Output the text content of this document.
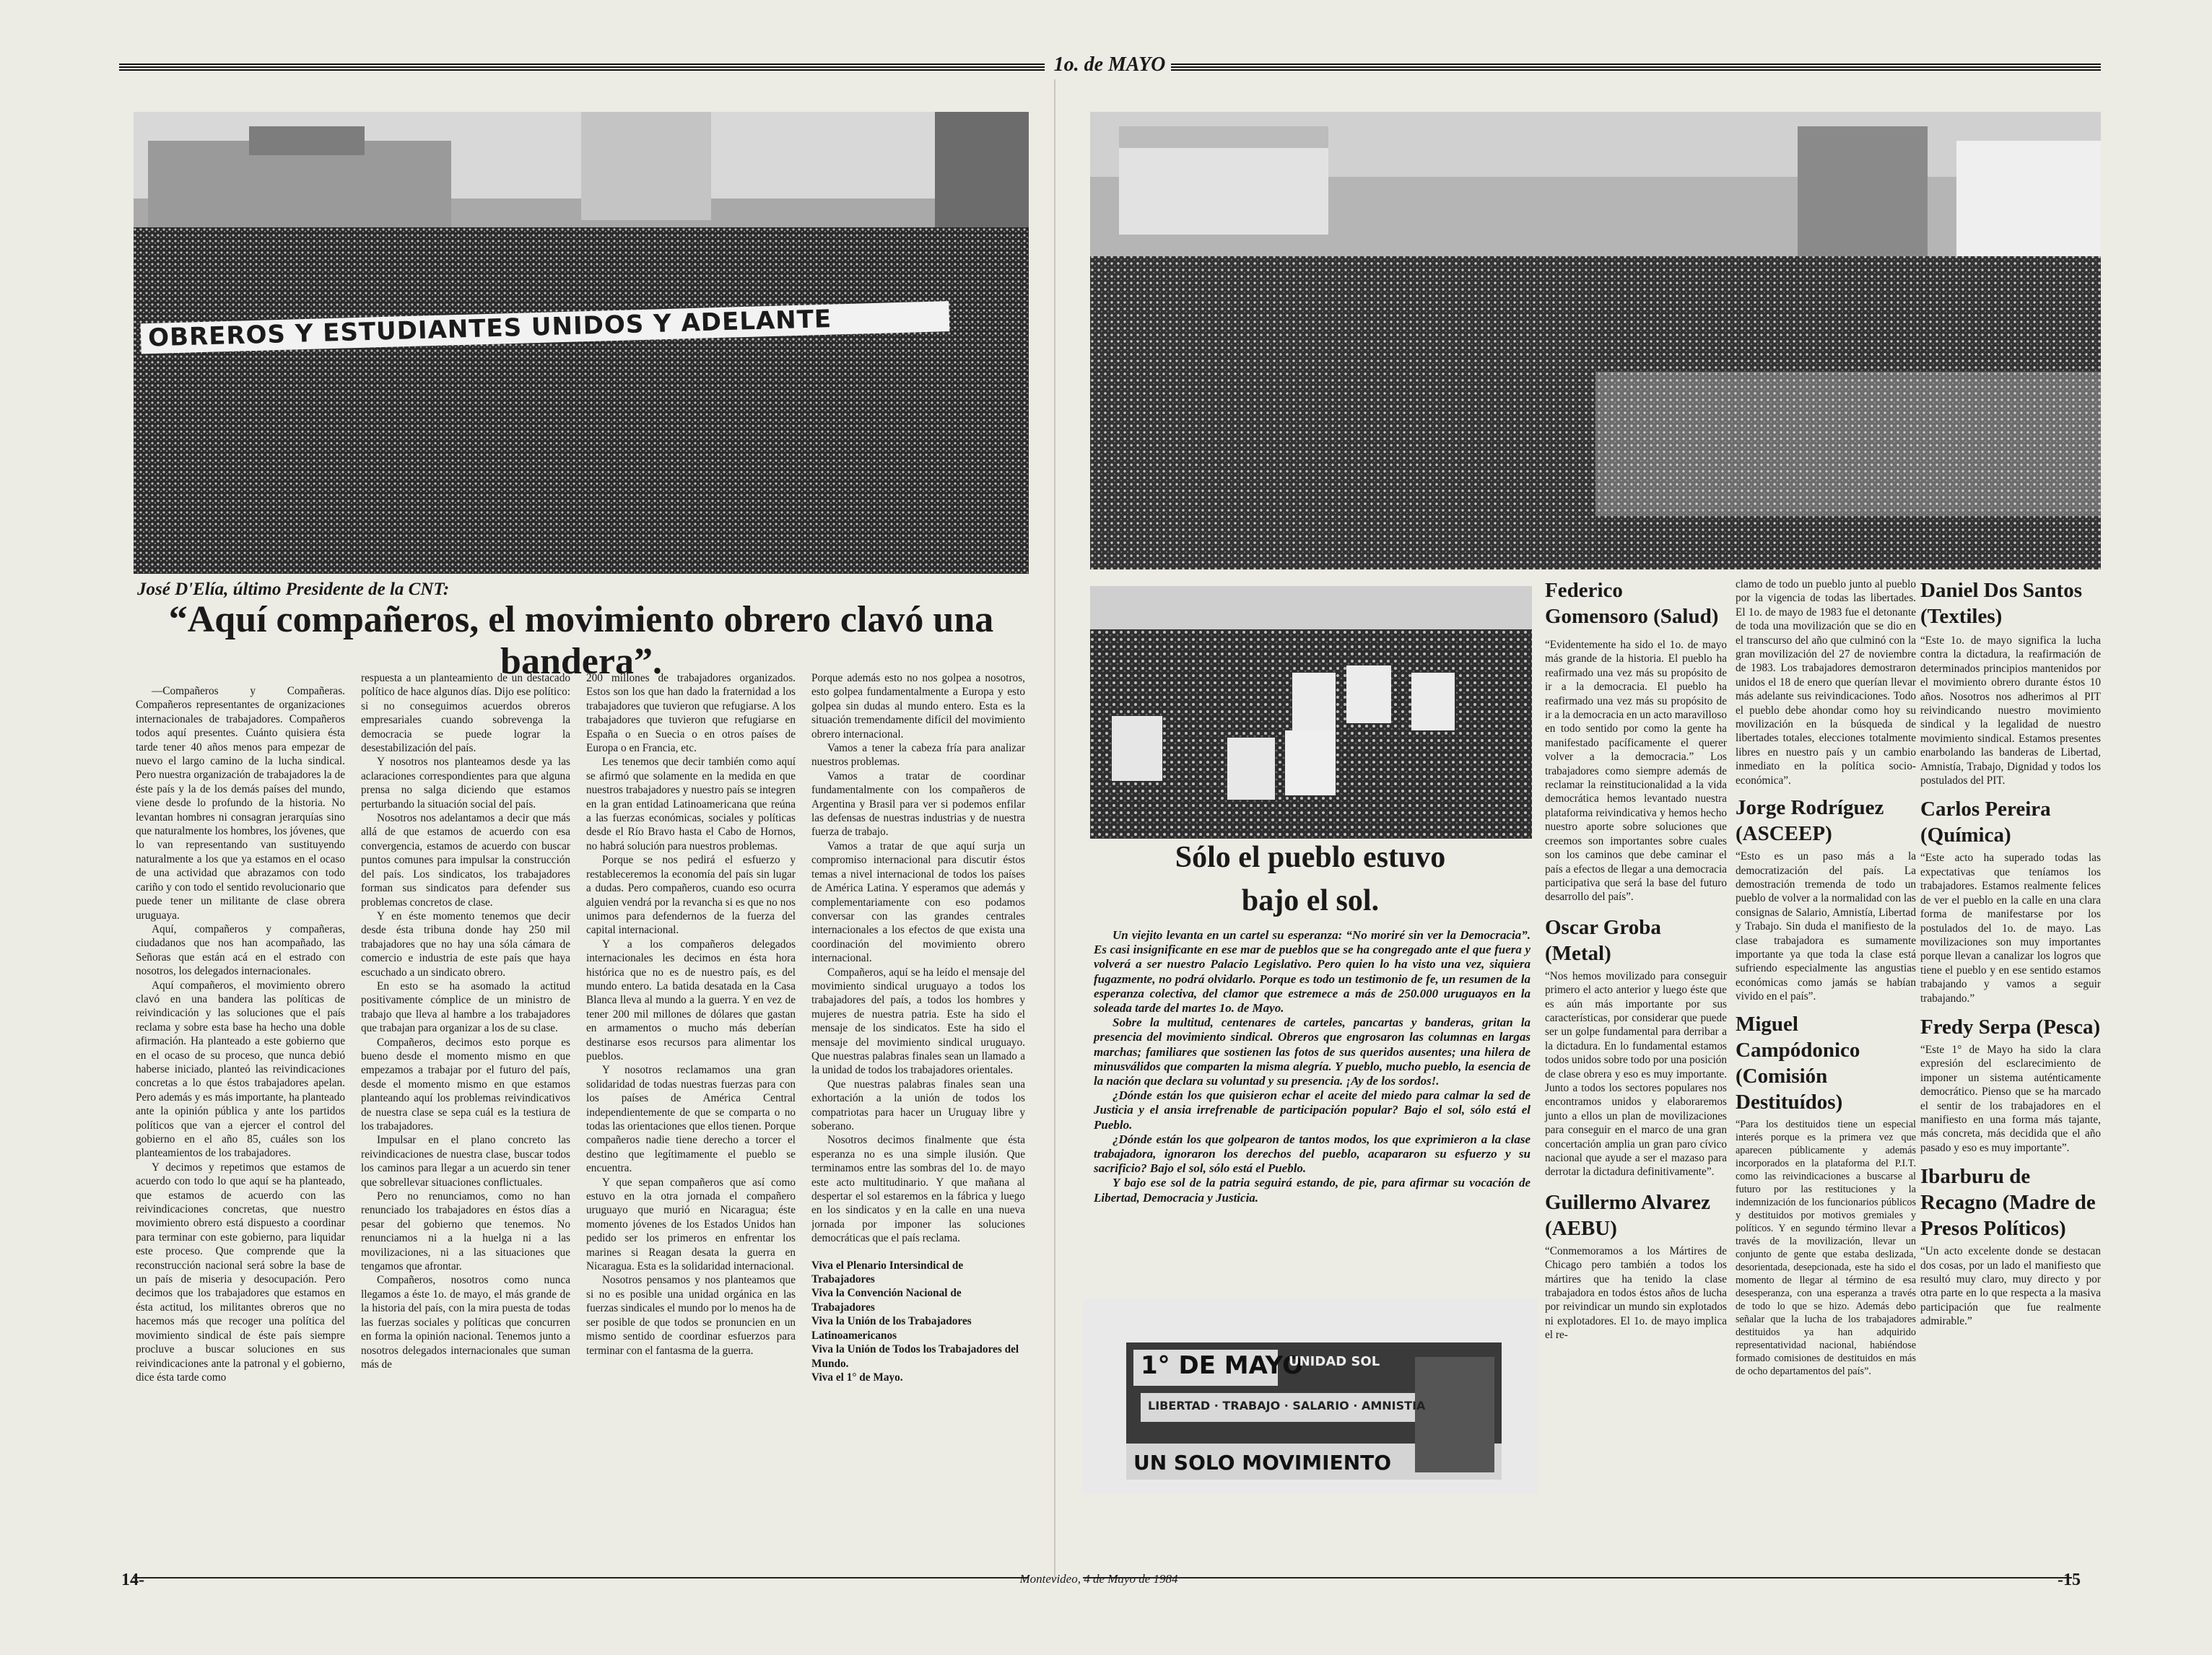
1o. de MAYO
OBREROS Y ESTUDIANTES UNIDOS Y ADELANTE
José D'Elía, último Presidente de la CNT:
“Aquí compañeros, el movimiento obrero clavó una bandera”.

—Compañeros y Compañeras. Compañeros representantes de organizaciones internacionales de trabajadores. Compañeros todos aquí presentes. Cuánto quisiera ésta tarde tener 40 años menos para empezar de nuevo el largo camino de la lucha sindical. Pero nuestra organización de trabajadores la de éste país y la de los demás países del mundo, viene desde lo profundo de la historia. No levantan hombres ni consagran jerarquías sino que naturalmente los hombres, los jóvenes, que lo van representando van sustituyendo naturalmente a los que ya estamos en el ocaso de una actividad que abrazamos con todo cariño y con todo el sentido revolucionario que puede tener un militante de clase obrera uruguaya.

Aquí, compañeros y compañeras, ciudadanos que nos han acompañado, las Señoras que están acá en el estrado con nosotros, los delegados internacionales.

Aquí compañeros, el movimiento obrero clavó en una bandera las políticas de reivindicación y las soluciones que el país reclama y sobre esta base ha hecho una doble afirmación. Ha planteado a este gobierno que en el ocaso de su proceso, que nunca debió haberse iniciado, planteó las reivindicaciones concretas a lo que éstos trabajadores apelan. Pero además y es más importante, ha planteado ante la opinión pública y ante los partidos políticos que van a ejercer el control del gobierno en el año 85, cuáles son los planteamientos de los trabajadores.

Y decimos y repetimos que estamos de acuerdo con todo lo que aquí se ha planteado, que estamos de acuerdo con las reivindicaciones concretas, que nuestro movimiento obrero está dispuesto a coordinar para terminar con este gobierno, para liquidar este proceso. Que comprende que la reconstrucción nacional será sobre la base de un país de miseria y desocupación. Pero decimos que los trabajadores que estamos en ésta actitud, los militantes obreros que no hacemos más que recoger una política del movimiento sindical de éste país siempre procluve a buscar soluciones en sus reivindicaciones ante la patronal y el gobierno, dice ésta tarde como

respuesta a un planteamiento de un destacado político de hace algunos días. Dijo ese político: si no conseguimos acuerdos obreros empresariales cuando sobrevenga la democracia se puede lograr la desestabilización del país.

Y nosotros nos planteamos desde ya las aclaraciones correspondientes para que alguna prensa no salga diciendo que estamos perturbando la situación social del país.

Nosotros nos adelantamos a decir que más allá de que estamos de acuerdo con esa convergencia, estamos de acuerdo con buscar puntos comunes para impulsar la construcción del país. Los sindicatos, los trabajadores forman sus sindicatos para defender sus problemas concretos de clase.

Y en éste momento tenemos que decir desde ésta tribuna donde hay 250 mil trabajadores que no hay una sóla cámara de comercio e industria de este país que haya escuchado a un sindicato obrero.

En esto se ha asomado la actitud positivamente cómplice de un ministro de trabajo que lleva al hambre a los trabajadores que trabajan para organizar a los de su clase.

Compañeros, decimos esto porque es bueno desde el momento mismo en que empezamos a trabajar por el futuro del país, desde el momento mismo en que estamos planteando aquí los problemas reivindicativos de nuestra clase se sepa cuál es la testiura de los trabajadores.

Impulsar en el plano concreto las reivindicaciones de nuestra clase, buscar todos los caminos para llegar a un acuerdo sin tener que sobrellevar situaciones conflictuales.

Pero no renunciamos, como no han renunciado los trabajadores en éstos días a pesar del gobierno que tenemos. No renunciamos ni a la huelga ni a las movilizaciones, ni a las situaciones que tengamos que afrontar.

Compañeros, nosotros como nunca llegamos a éste 1o. de mayo, el más grande de la historia del país, con la mira puesta de todas las fuerzas sociales y políticas que concurren en forma la opinión nacional. Tenemos junto a nosotros delegados internacionales que suman más de

200 millones de trabajadores organizados. Estos son los que han dado la fraternidad a los trabajadores que tuvieron que refugiarse. A los trabajadores que tuvieron que refugiarse en España o en Suecia o en otros países de Europa o en Francia, etc.

Les tenemos que decir también como aquí se afirmó que solamente en la medida en que nuestros trabajadores y nuestro país se integren en la gran entidad Latinoamericana que reúna a las fuerzas económicas, sociales y políticas desde el Río Bravo hasta el Cabo de Hornos, no habrá solución para nuestros problemas.

Porque se nos pedirá el esfuerzo y restableceremos la economía del país sin lugar a dudas. Pero compañeros, cuando eso ocurra alguien vendrá por la revancha si es que no nos unimos para defendernos de la fuerza del capital internacional.

Y a los compañeros delegados internacionales les decimos en ésta hora histórica que no es de nuestro país, es del mundo entero. La batida desatada en la Casa Blanca lleva al mundo a la guerra. Y en vez de tener 200 mil millones de dólares que gastan en armamentos o mucho más deberían destinarse esos recursos para alimentar los pueblos.

Y nosotros reclamamos una gran solidaridad de todas nuestras fuerzas para con los países de América Central independientemente de que se comparta o no todas las orientaciones que ellos tienen. Porque compañeros nadie tiene derecho a torcer el destino que legítimamente el pueblo se encuentra.

Y que sepan compañeros que así como estuvo en la otra jornada el compañero uruguayo que murió en Nicaragua; éste momento jóvenes de los Estados Unidos han pedido ser los primeros en enfrentar los marines si Reagan desata la guerra en Nicaragua. Esta es la solidaridad internacional.

Nosotros pensamos y nos planteamos que si no es posible una unidad orgánica en las fuerzas sindicales el mundo por lo menos ha de ser posible de que todos se pronuncien en un mismo sentido de coordinar esfuerzos para terminar con el fantasma de la guerra.

Porque además esto no nos golpea a nosotros, esto golpea fundamentalmente a Europa y esto golpea sin dudas al mundo entero. Esta es la situación tremendamente difícil del movimiento obrero internacional.

Vamos a tener la cabeza fría para analizar nuestros problemas.

Vamos a tratar de coordinar fundamentalmente con los compañeros de Argentina y Brasil para ver si podemos enfilar las defensas de nuestras industrias y de nuestra fuerza de trabajo.

Vamos a tratar de que aquí surja un compromiso internacional para discutir éstos temas a nivel internacional de todos los países de América Latina. Y esperamos que además y complementariamente con eso podamos conversar con las grandes centrales internacionales a los efectos de que exista una coordinación del movimiento obrero internacional.

Compañeros, aquí se ha leído el mensaje del movimiento sindical uruguayo a todos los trabajadores del país, a todos los hombres y mujeres de nuestra patria. Este ha sido el mensaje de los sindicatos. Este ha sido el mensaje del movimiento sindical uruguayo. Que nuestras palabras finales sean un llamado a la unidad de todos los trabajadores orientales.

Que nuestras palabras finales sean una exhortación a la unión de todos los compatriotas para hacer un Uruguay libre y soberano.

Nosotros decimos finalmente que ésta esperanza no es una simple ilusión. Que terminamos entre las sombras del 1o. de mayo este acto multitudinario. Y que mañana al despertar el sol estaremos en la fábrica y luego en los sindicatos y en la calle en una nueva jornada por imponer las soluciones democráticas que el país reclama.

Viva el Plenario Intersindical de Trabajadores
Viva la Convención Nacional de Trabajadores
Viva la Unión de los Trabajadores Latinoamericanos
Viva la Unión de Todos los Trabajadores del Mundo.
Viva el 1° de Mayo.
Sólo el pueblo estuvo bajo el sol.

Un viejito levanta en un cartel su esperanza: “No moriré sin ver la Democracia”. Es casi insignificante en ese mar de pueblos que se ha congregado ante el que fuera y volverá a ser nuestro Palacio Legislativo. Pero quien lo ha visto una vez, siquiera fugazmente, no podrá olvidarlo. Porque es todo un testimonio de fe, un resumen de la esperanza colectiva, del clamor que estremece a más de 250.000 uruguayos en la soleada tarde del martes 1o. de Mayo.

Sobre la multitud, centenares de carteles, pancartas y banderas, gritan la presencia del movimiento sindical. Obreros que engrosaron las columnas en largas marchas; familiares que sostienen las fotos de sus queridos ausentes; una hilera de minusválidos que comparten la misma alegría. Y pueblo, mucho pueblo, la esencia de la nación que declara su voluntad y su presencia. ¡Ay de los sordos!.

¿Dónde están los que quisieron echar el aceite del miedo para calmar la sed de Justicia y el ansia irrefrenable de participación popular? Bajo el sol, sólo está el Pueblo.

¿Dónde están los que golpearon de tantos modos, los que exprimieron a la clase trabajadora, ignoraron los derechos del pueblo, acapararon su esfuerzo y su sacrificio? Bajo el sol, sólo está el Pueblo.

Y bajo ese sol de la patria seguirá estando, de pie, para afirmar su vocación de Libertad, Democracia y Justicia.

1° DE MAYO
UNIDAD SOL
LIBERTAD · TRABAJO · SALARIO · AMNISTIA
UN SOLO MOVIMIENTO
Federico Gomensoro (Salud)
“Evidentemente ha sido el 1o. de mayo más grande de la historia. El pueblo ha reafirmado una vez más su propósito de ir a la democracia. El pueblo ha reafirmado una vez más su propósito de ir a la democracia en un acto maravilloso en todo sentido por como la gente ha manifestado pacíficamente el querer volver a la democracia.” Los trabajadores como siempre además de reclamar la reinstitucionalidad a la vida democrática hemos levantado nuestra plataforma reivindicativa y hemos hecho nuestro aporte sobre soluciones que creemos son importantes sobre cuales son los caminos que debe caminar el país a efectos de llegar a una democracia participativa que será la base del futuro desarrollo del país”.
Oscar Groba (Metal)
“Nos hemos movilizado para conseguir primero el acto anterior y luego éste que es aún más importante por sus características, por considerar que puede ser un golpe fundamental para derribar a la dictadura. En lo fundamental estamos todos unidos sobre todo por una posición de clase obrera y eso es muy importante. Junto a todos los sectores populares nos encontramos unidos y elaboraremos junto a ellos un plan de movilizaciones para conseguir en el marco de una gran concertación amplia un gran paro cívico nacional que ayude a ser el mazaso para derrotar la dictadura definitivamente”.
Guillermo Alvarez (AEBU)
“Conmemoramos a los Mártires de Chicago pero también a todos los mártires que ha tenido la clase trabajadora en todos éstos años de lucha por reivindicar un mundo sin explotados ni explotadores. El 1o. de mayo implica el re-
clamo de todo un pueblo junto al pueblo por la vigencia de todas las libertades. El 1o. de mayo de 1983 fue el detonante de toda una movilización que se dio en el transcurso del año que culminó con la gran movilización del 27 de noviembre de 1983. Los trabajadores demostraron unidos el 18 de enero que querían llevar más adelante sus reivindicaciones. Todo el pueblo debe ahondar como hoy su movilización en la búsqueda de libertades totales, elecciones totalmente libres en nuestro país y un cambio inmediato en la política socio-económica”.
Jorge Rodríguez (ASCEEP)
“Esto es un paso más a la democratización del país. La demostración tremenda de todo un pueblo de volver a la normalidad con las consignas de Salario, Amnistía, Libertad y Trabajo. Sin duda el manifiesto de la clase trabajadora es sumamente importante ya que toda la clase está sufriendo especialmente las angustias económicas como jamás se habían vivido en el país”.
Miguel Campódonico (Comisión Destituídos)
“Para los destituidos tiene un especial interés porque es la primera vez que aparecen públicamente y además incorporados en la plataforma del P.I.T. como las reivindicaciones a buscarse al futuro por las restituciones y la indemnización de los funcionarios públicos y destituidos por motivos gremiales y políticos. Y en segundo término llevar a través de la movilización, llevar un conjunto de gente que estaba deslizada, desorientada, desepcionada, este ha sido el momento de llegar al término de esa desesperanza, con una esperanza a través de todo lo que se hizo. Además debo señalar que la lucha de los trabajadores destituidos ya han adquirido representatividad nacional, habiéndose formado comisiones de destituidos en más de ocho departamentos del país”.
Daniel Dos Santos (Textiles)
“Este 1o. de mayo significa la lucha contra la dictadura, la reafirmación de determinados principios mantenidos por el movimiento obrero durante éstos 10 años. Nosotros nos adherimos al PIT reivindicando nuestro movimiento sindical y la legalidad de nuestro movimiento sindical. Estamos presentes enarbolando las banderas de Libertad, Amnistía, Trabajo, Dignidad y todos los postulados del PIT.
Carlos Pereira (Química)
“Este acto ha superado todas las expectativas que teníamos los trabajadores. Estamos realmente felices de ver el pueblo en la calle en una clara forma de manifestarse por los postulados del 1o. de mayo. Las movilizaciones son muy importantes porque llevan a canalizar los logros que tiene el pueblo y en ese sentido estamos trabajando y vamos a seguir trabajando.”
Fredy Serpa (Pesca)
“Este 1° de Mayo ha sido la clara expresión del esclarecimiento de imponer un sistema auténticamente democrático. Pienso que se ha marcado el sentir de los trabajadores en el manifiesto en una forma más tajante, más concreta, más decidida que el año pasado y eso es muy importante”.
Ibarburu de Recagno (Madre de Presos Políticos)
“Un acto excelente donde se destacan dos cosas, por un lado el manifiesto que resultó muy claro, muy directo y por otra parte en lo que respecta a la masiva participación que fue realmente admirable.”
14-	Montevideo, 4 de Mayo de 1984	-15
